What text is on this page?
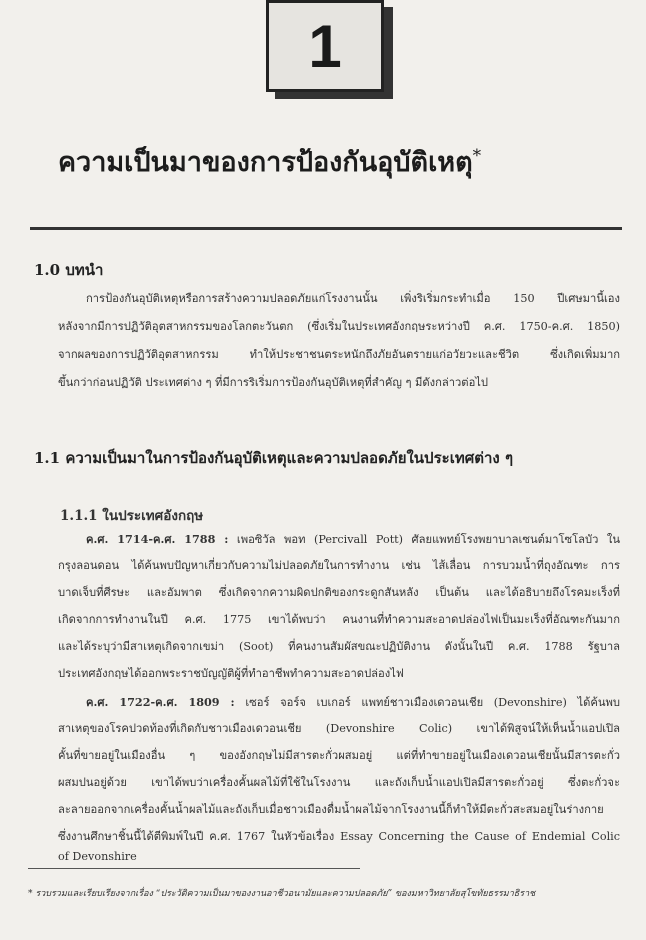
1
ความเป็นมาของการป้องกันอุบัติเหตุ*
1.0 บทนำ
การป้องกันอุบัติเหตุหรือการสร้างความปลอดภัยแก่โรงงานนั้น เพิ่งริเริ่มกระทำเมื่อ 150 ปีเศษมานี้เอง
หลังจากมีการปฏิวัติอุตสาหกรรมของโลกตะวันตก (ซึ่งเริ่มในประเทศอังกฤษระหว่างปี ค.ศ. 1750-ค.ศ. 1850)
จากผลของการปฏิวัติอุตสาหกรรม ทำให้ประชาชนตระหนักถึงภัยอันตรายแก่อวัยวะและชีวิต ซึ่งเกิดเพิ่มมาก
ขึ้นกว่าก่อนปฏิวัติ ประเทศต่าง ๆ ที่มีการริเริ่มการป้องกันอุบัติเหตุที่สำคัญ ๆ มีดังกล่าวต่อไป
1.1 ความเป็นมาในการป้องกันอุบัติเหตุและความปลอดภัยในประเทศต่าง ๆ
1.1.1 ในประเทศอังกฤษ
ค.ศ. 1714-ค.ศ. 1788 : เพอซิวัล พอท (Percivall Pott) ศัลยแพทย์โรงพยาบาลเซนต์มาโซโลบัว ใน
กรุงลอนดอน ได้ค้นพบปัญหาเกี่ยวกับความไม่ปลอดภัยในการทำงาน เช่น ไส้เลื่อน การบวมน้ำที่ถุงอัณฑะ การ
บาดเจ็บที่ศีรษะ และอัมพาต ซึ่งเกิดจากความผิดปกติของกระดูกสันหลัง เป็นต้น และได้อธิบายถึงโรคมะเร็งที่
เกิดจากการทำงานในปี ค.ศ. 1775 เขาได้พบว่า คนงานที่ทำความสะอาดปล่องไฟเป็นมะเร็งที่อัณฑะกันมาก
และได้ระบุว่ามีสาเหตุเกิดจากเขม่า (Soot) ที่คนงานสัมผัสขณะปฏิบัติงาน ดังนั้นในปี ค.ศ. 1788 รัฐบาล
ประเทศอังกฤษได้ออกพระราชบัญญัติผู้ที่ทำอาชีพทำความสะอาดปล่องไฟ
ค.ศ. 1722-ค.ศ. 1809 : เซอร์ จอร์จ เบเกอร์ แพทย์ชาวเมืองเดวอนเชีย (Devonshire) ได้ค้นพบ
สาเหตุของโรคปวดท้องที่เกิดกับชาวเมืองเดวอนเชีย (Devonshire Colic) เขาได้พิสูจน์ให้เห็นน้ำแอปเปิล
คั้นที่ขายอยู่ในเมืองอื่น ๆ ของอังกฤษไม่มีสารตะกั่วผสมอยู่ แต่ที่ทำขายอยู่ในเมืองเดวอนเชียนั้นมีสารตะกั่ว
ผสมปนอยู่ด้วย เขาได้พบว่าเครื่องคั้นผลไม้ที่ใช้ในโรงงาน และถังเก็บน้ำแอปเปิลมีสารตะกั่วอยู่ ซึ่งตะกั่วจะ
ละลายออกจากเครื่องคั้นน้ำผลไม้และถังเก็บเมื่อชาวเมืองดื่มน้ำผลไม้จากโรงงานนี้ก็ทำให้มีตะกั่วสะสมอยู่ในร่างกาย
ซึ่งงานศึกษาชิ้นนี้ได้ตีพิมพ์ในปี ค.ศ. 1767 ในหัวข้อเรื่อง Essay Concerning the Cause of Endemial Colic
of Devonshire
* รวบรวมและเรียบเรียงจากเรื่อง “ประวัติความเป็นมาของงานอาชีวอนามัยและความปลอดภัย” ของมหาวิทยาลัยสุโขทัยธรรมาธิราช
